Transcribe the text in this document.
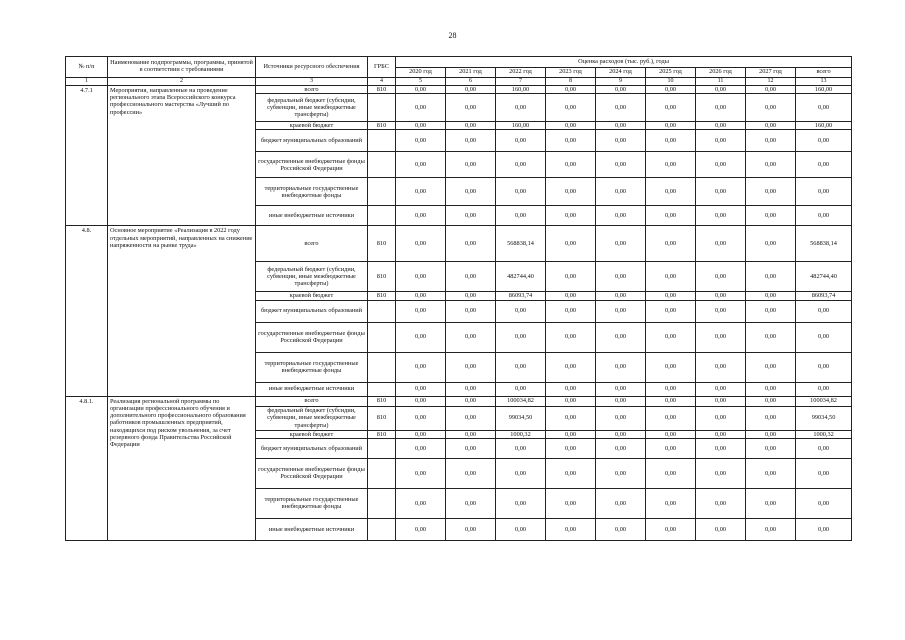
28
№ п/п	Наименование подпрограммы, программы, принятой в соответствии с требованиями	Источники ресурсного обеспечения	ГРБС	Оценка расходов (тыс. руб.), годы								
				2020 год	2021 год	2022 год	2023 год	2024 год	2025 год	2026 год	2027 год	всего
1	2	3	4	5	6	7	8	9	10	11	12	13
4.7.1	Мероприятия, направленные на проведение регионального этапа Всероссийского конкурса профессионального мастерства «Лучший по профессии»	всего	810	0,00	0,00	160,00	0,00	0,00	0,00	0,00	0,00	160,00
		федеральный бюджет (субсидии, субвенции, иные межбюджетные трансферты)		0,00	0,00	0,00	0,00	0,00	0,00	0,00	0,00	0,00
		краевой бюджет	810	0,00	0,00	160,00	0,00	0,00	0,00	0,00	0,00	160,00
		бюджет муниципальных образований		0,00	0,00	0,00	0,00	0,00	0,00	0,00	0,00	0,00
		государственные внебюджетные фонды Российской Федерации		0,00	0,00	0,00	0,00	0,00	0,00	0,00	0,00	0,00
		территориальные государственные внебюджетные фонды		0,00	0,00	0,00	0,00	0,00	0,00	0,00	0,00	0,00
		иные внебюджетные источники		0,00	0,00	0,00	0,00	0,00	0,00	0,00	0,00	0,00
4.8.	Основное мероприятие «Реализация в 2022 году отдельных мероприятий, направленных на снижение напряженности на рынке труда»	всего	810	0,00	0,00	568838,14	0,00	0,00	0,00	0,00	0,00	568838,14
		федеральный бюджет (субсидии, субвенции, иные межбюджетные трансферты)	810	0,00	0,00	482744,40	0,00	0,00	0,00	0,00	0,00	482744,40
		краевой бюджет	810	0,00	0,00	86093,74	0,00	0,00	0,00	0,00	0,00	86093,74
		бюджет муниципальных образований		0,00	0,00	0,00	0,00	0,00	0,00	0,00	0,00	0,00
		государственные внебюджетные фонды Российской Федерации		0,00	0,00	0,00	0,00	0,00	0,00	0,00	0,00	0,00
		территориальные государственные внебюджетные фонды		0,00	0,00	0,00	0,00	0,00	0,00	0,00	0,00	0,00
		иные внебюджетные источники		0,00	0,00	0,00	0,00	0,00	0,00	0,00	0,00	0,00
4.8.1.	Реализация региональной программы по организации профессионального обучения и дополнительного профессионального образования работников промышленных предприятий, находящихся под риском увольнения, за счет резервного фонда Правительства Российской Федерации	всего	810	0,00	0,00	100034,82	0,00	0,00	0,00	0,00	0,00	100034,82
		федеральный бюджет (субсидии, субвенции, иные межбюджетные трансферты)	810	0,00	0,00	99034,50	0,00	0,00	0,00	0,00	0,00	99034,50
		краевой бюджет	810	0,00	0,00	1000,32	0,00	0,00	0,00	0,00	0,00	1000,32
		бюджет муниципальных образований		0,00	0,00	0,00	0,00	0,00	0,00	0,00	0,00	0,00
		государственные внебюджетные фонды Российской Федерации		0,00	0,00	0,00	0,00	0,00	0,00	0,00	0,00	0,00
		территориальные государственные внебюджетные фонды		0,00	0,00	0,00	0,00	0,00	0,00	0,00	0,00	0,00
		иные внебюджетные источники		0,00	0,00	0,00	0,00	0,00	0,00	0,00	0,00	0,00
